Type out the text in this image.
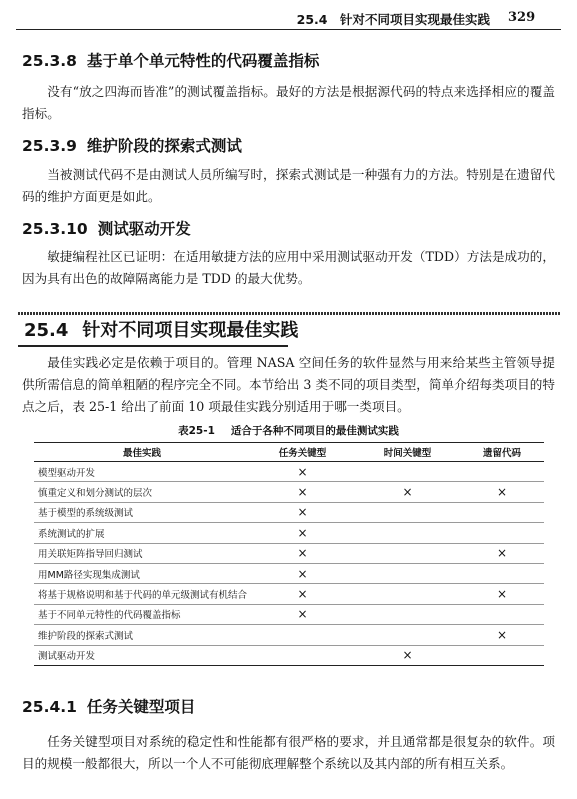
25.4　针对不同项目实现最佳实践 329
25.3.8 基于单个单元特性的代码覆盖指标
没有“放之四海而皆准”的测试覆盖指标。最好的方法是根据源代码的特点来选择相应的覆盖指标。
25.3.9 维护阶段的探索式测试
当被测试代码不是由测试人员所编写时，探索式测试是一种强有力的方法。特别是在遗留代码的维护方面更是如此。
25.3.10 测试驱动开发
敏捷编程社区已证明：在适用敏捷方法的应用中采用测试驱动开发（TDD）方法是成功的，因为具有出色的故障隔离能力是 TDD 的最大优势。
25.4 针对不同项目实现最佳实践
最佳实践必定是依赖于项目的。管理 NASA 空间任务的软件显然与用来给某些主管领导提供所需信息的简单粗陋的程序完全不同。本节给出 3 类不同的项目类型，简单介绍每类项目的特点之后，表 25-1 给出了前面 10 项最佳实践分别适用于哪一类项目。
表25-1 适合于各种不同项目的最佳测试实践
最佳实践	任务关键型	时间关键型	遗留代码
模型驱动开发	×		
慎重定义和划分测试的层次	×	×	×
基于模型的系统级测试	×		
系统测试的扩展	×		
用关联矩阵指导回归测试	×		×
用MM路径实现集成测试	×		
将基于规格说明和基于代码的单元级测试有机结合	×		×
基于不同单元特性的代码覆盖指标	×		
维护阶段的探索式测试			×
测试驱动开发		×	
25.4.1 任务关键型项目
任务关键型项目对系统的稳定性和性能都有很严格的要求，并且通常都是很复杂的软件。项目的规模一般都很大，所以一个人不可能彻底理解整个系统以及其内部的所有相互关系。
